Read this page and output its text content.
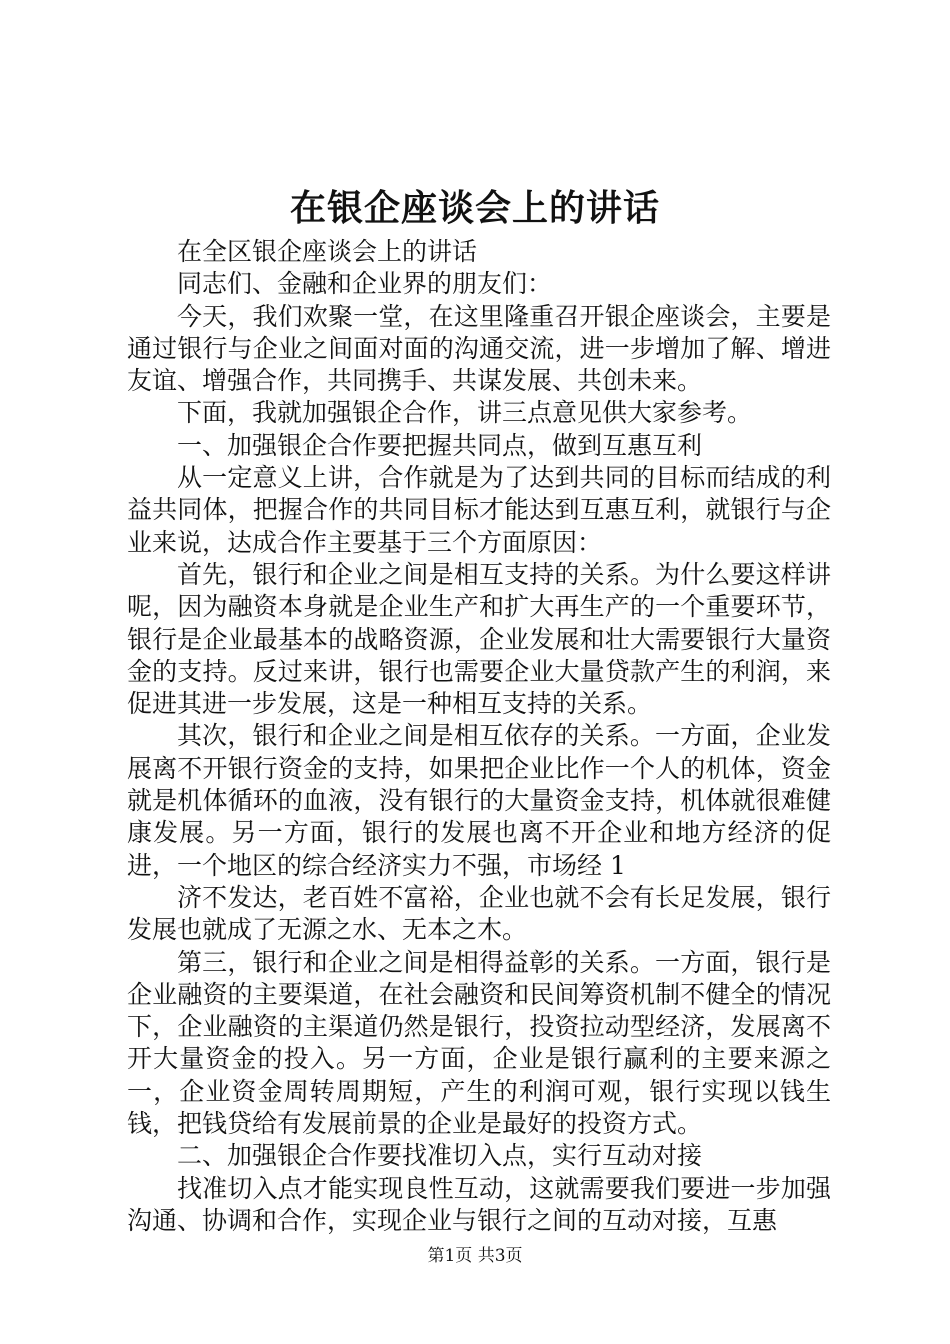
在银企座谈会上的讲话

在全区银企座谈会上的讲话

同志们、金融和企业界的朋友们：

今天，我们欢聚一堂，在这里隆重召开银企座谈会，主要是通过银行与企业之间面对面的沟通交流，进一步增加了解、增进友谊、增强合作，共同携手、共谋发展、共创未来。

下面，我就加强银企合作，讲三点意见供大家参考。

一、加强银企合作要把握共同点，做到互惠互利

从一定意义上讲，合作就是为了达到共同的目标而结成的利益共同体，把握合作的共同目标才能达到互惠互利，就银行与企业来说，达成合作主要基于三个方面原因：

首先，银行和企业之间是相互支持的关系。为什么要这样讲呢，因为融资本身就是企业生产和扩大再生产的一个重要环节，银行是企业最基本的战略资源，企业发展和壮大需要银行大量资金的支持。反过来讲，银行也需要企业大量贷款产生的利润，来促进其进一步发展，这是一种相互支持的关系。

其次，银行和企业之间是相互依存的关系。一方面，企业发展离不开银行资金的支持，如果把企业比作一个人的机体，资金就是机体循环的血液，没有银行的大量资金支持，机体就很难健康发展。另一方面，银行的发展也离不开企业和地方经济的促进，一个地区的综合经济实力不强，市场经 1

济不发达，老百姓不富裕，企业也就不会有长足发展，银行发展也就成了无源之水、无本之木。

第三，银行和企业之间是相得益彰的关系。一方面，银行是企业融资的主要渠道，在社会融资和民间筹资机制不健全的情况下，企业融资的主渠道仍然是银行，投资拉动型经济，发展离不开大量资金的投入。另一方面，企业是银行赢利的主要来源之一，企业资金周转周期短，产生的利润可观，银行实现以钱生钱，把钱贷给有发展前景的企业是最好的投资方式。

二、加强银企合作要找准切入点，实行互动对接

找准切入点才能实现良性互动，这就需要我们要进一步加强沟通、协调和合作，实现企业与银行之间的互动对接，互惠

第1页 共3页
